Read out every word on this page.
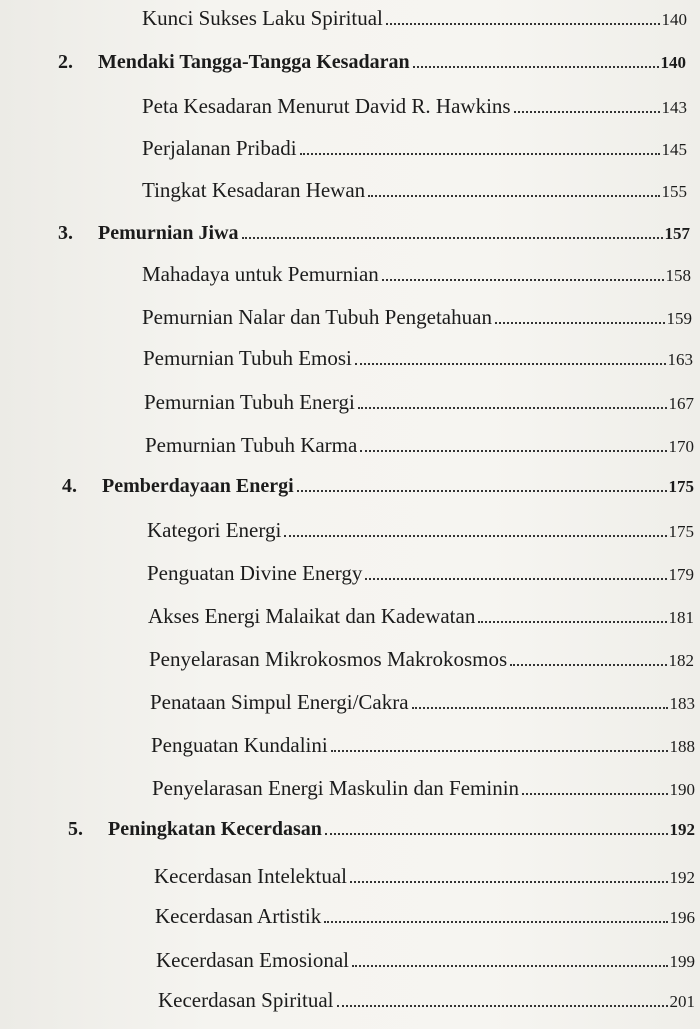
Kunci Sukses Laku Spiritual	140
2.	Mendaki Tangga-Tangga Kesadaran	140
Peta Kesadaran Menurut David R. Hawkins	143
Perjalanan Pribadi	145
Tingkat Kesadaran Hewan	155
3.	Pemurnian Jiwa	157
Mahadaya untuk Pemurnian	158
Pemurnian Nalar dan Tubuh Pengetahuan	159
Pemurnian Tubuh Emosi	163
Pemurnian Tubuh Energi	167
Pemurnian Tubuh Karma	170
4.	Pemberdayaan Energi	175
Kategori Energi	175
Penguatan Divine Energy	179
Akses Energi Malaikat dan Kadewatan	181
Penyelarasan Mikrokosmos Makrokosmos	182
Penataan Simpul Energi/Cakra	183
Penguatan Kundalini	188
Penyelarasan Energi Maskulin dan Feminin	190
5.	Peningkatan Kecerdasan	192
Kecerdasan Intelektual	192
Kecerdasan Artistik	196
Kecerdasan Emosional	199
Kecerdasan Spiritual	201
